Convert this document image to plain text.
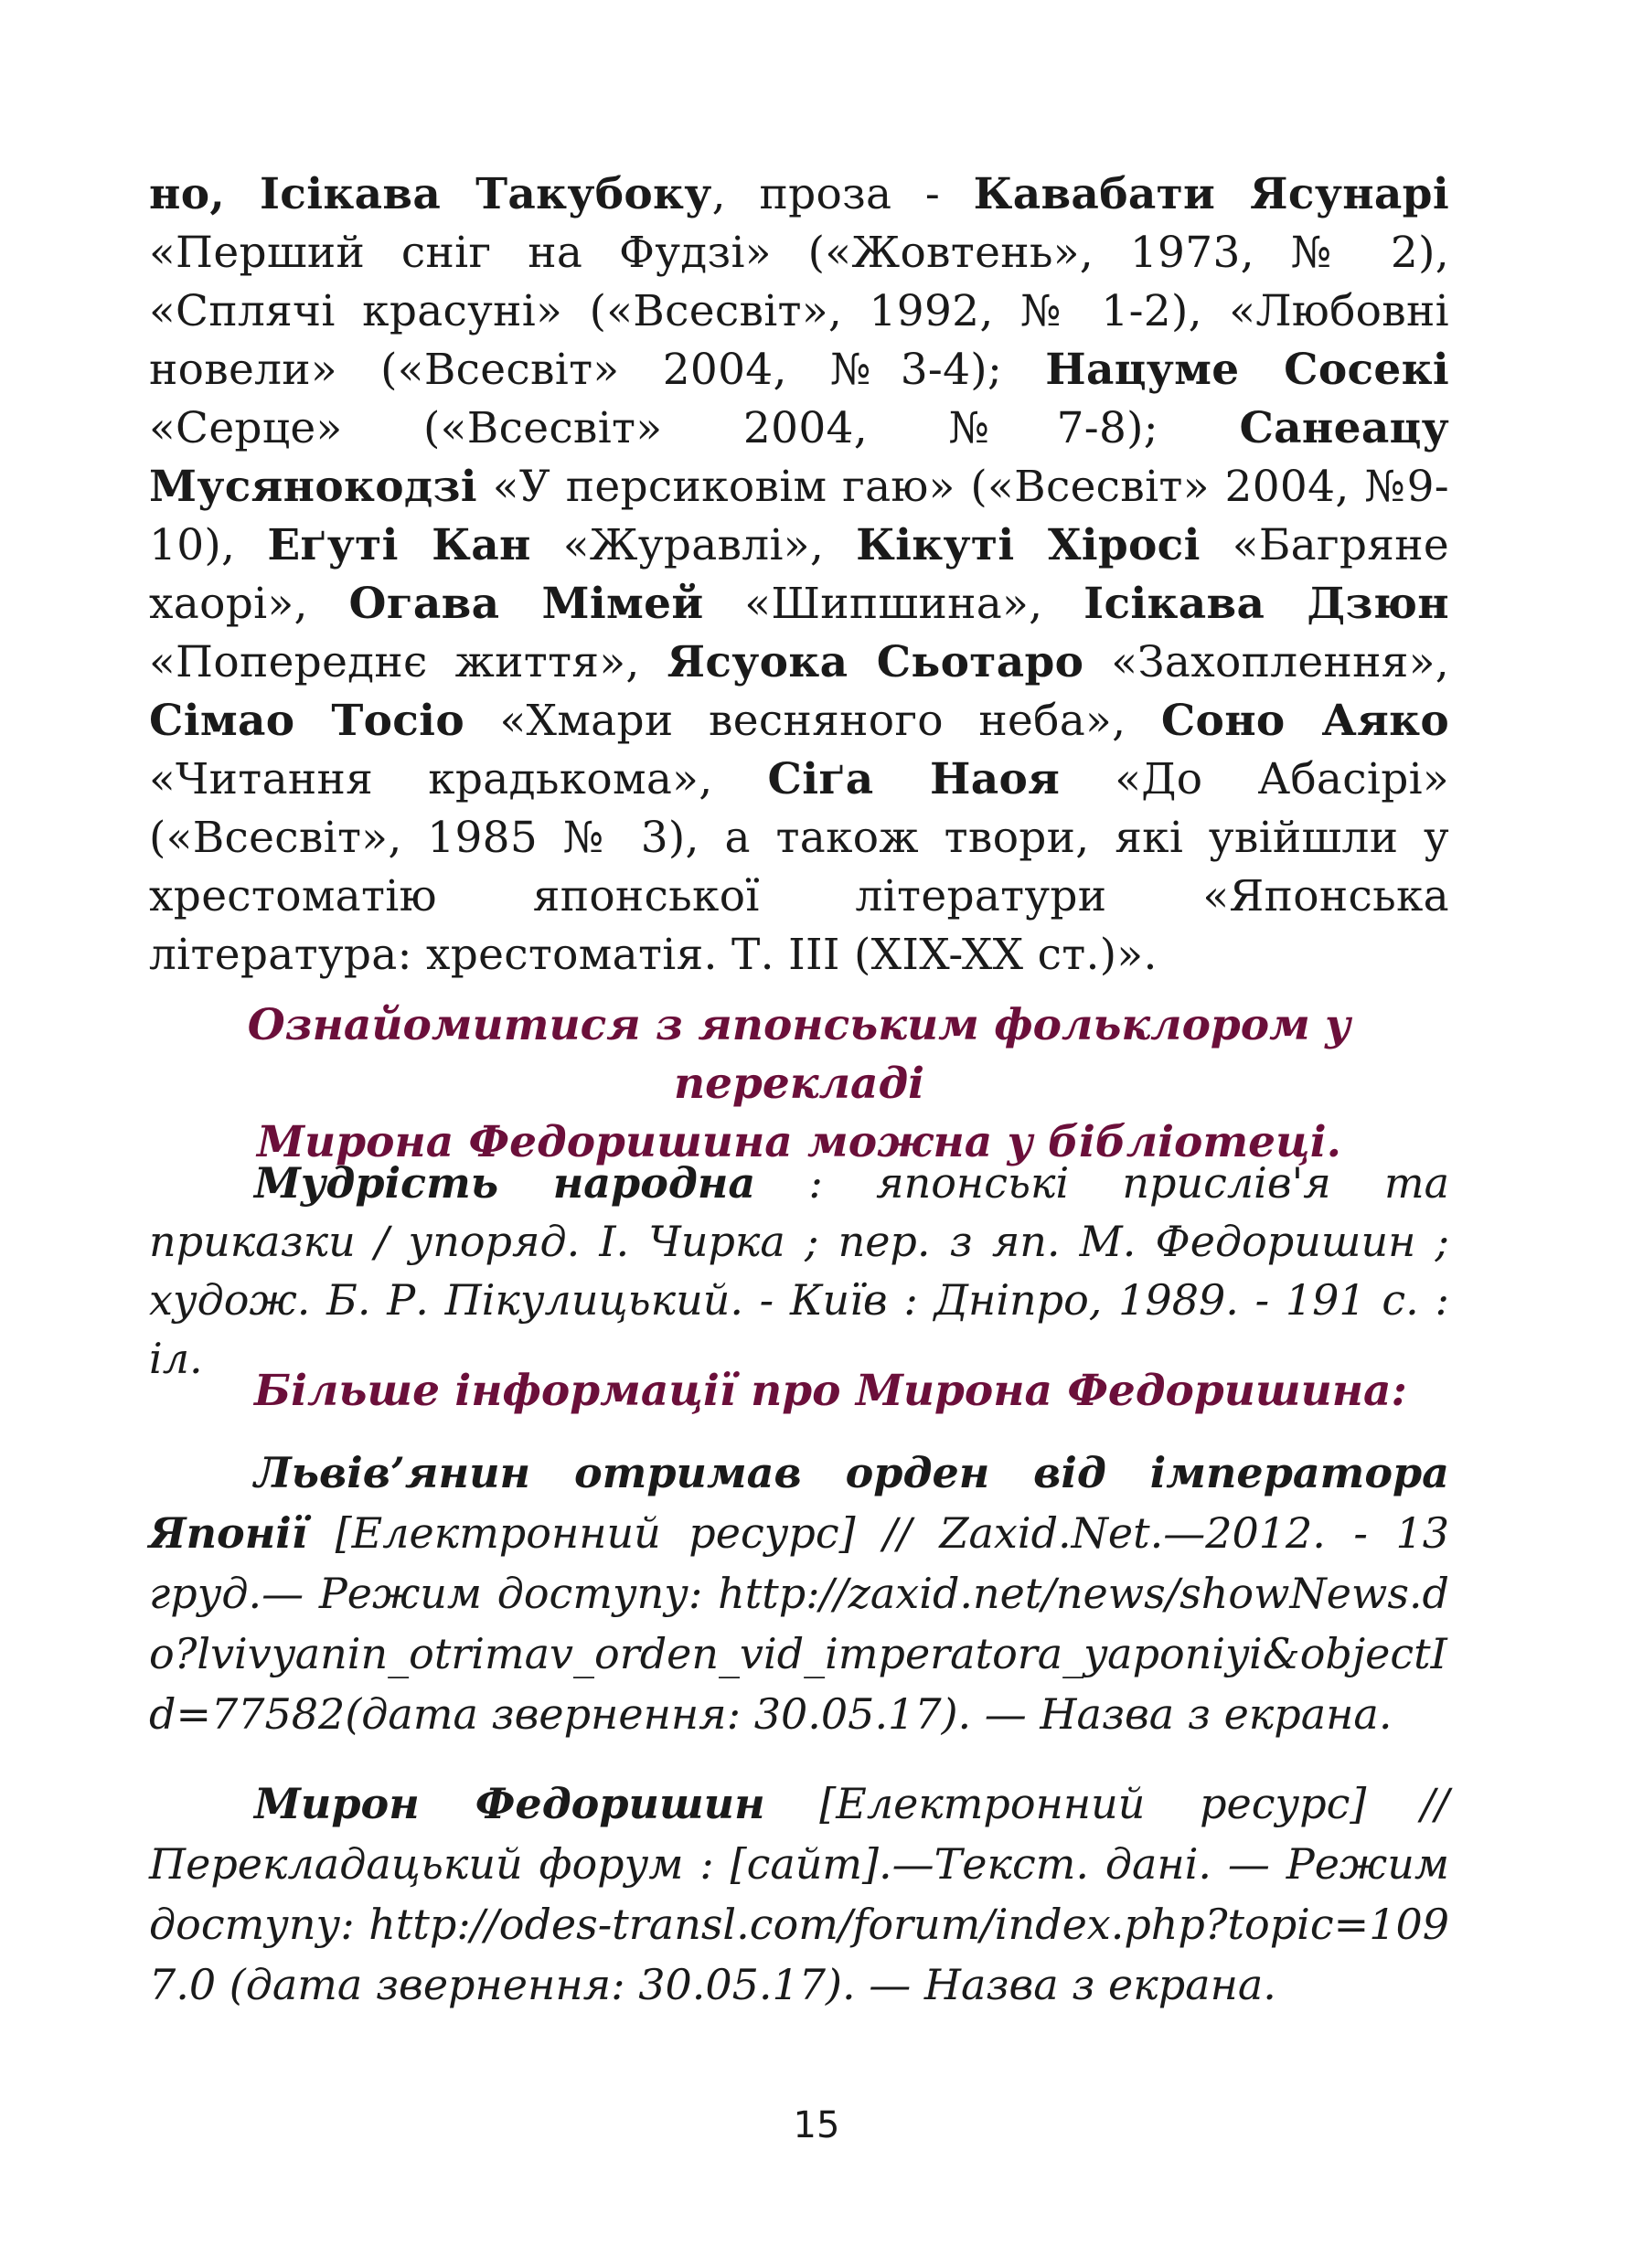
но, Ісікава Такубоку, проза - Кавабати Ясунарі «Перший сніг на Фудзі» («Жовтень», 1973, № 2), «Сплячі красуні» («Всесвіт», 1992, № 1-2), «Любовні новели» («Всесвіт» 2004, №3-4); Нацуме Сосекі «Серце» («Всесвіт» 2004, №7-8); Санеацу Мусянокодзі «У персиковім гаю» («Всесвіт» 2004, №9-10), Еґуті Кан «Журавлі», Кікуті Хіросі «Багряне хаорі», Огава Мімей «Шипшина», Ісікава Дзюн «Попереднє життя», Ясуока Сьотаро «Захоплення», Сімао Тосіо «Хмари весняного неба», Соно Аяко «Читання крадькома», Сіґа Наоя «До Абасірі» («Всесвіт», 1985 № 3), а також твори, які увійшли у хрестоматію японської літератури «Японська література: хрестоматія. Т. ІІІ (XIX-XX ст.)».
Ознайомитися з японським фольклором у перекладі
Мирона Федоришина можна у бібліотеці.
Мудрість народна : японські прислів'я та приказки / упоряд. І. Чирка ; пер. з яп. М. Федоришин ; худож. Б. Р. Пікулицький. - Київ : Дніпро, 1989. - 191 с. : іл.
Більше інформації про Мирона Федоришина:
Львів’янин отримав орден від імператора Японії [Електронний ресурс] // Zaxid.Net.—2012. - 13 груд.— Режим доступу: http://zaxid.net/news/showNews.do?lvivyanin_otrimav_orden_vid_imperatora_yaponiyi&objectId=77582(дата звернення: 30.05.17). — Назва з екрана.
Мирон Федоришин [Електронний ресурс] // Перекладацький форум : [сайт].—Текст. дані. — Режим доступу: http://odes-transl.com/forum/index.php?topic=1097.0 (дата звернення: 30.05.17). — Назва з екрана.
15
